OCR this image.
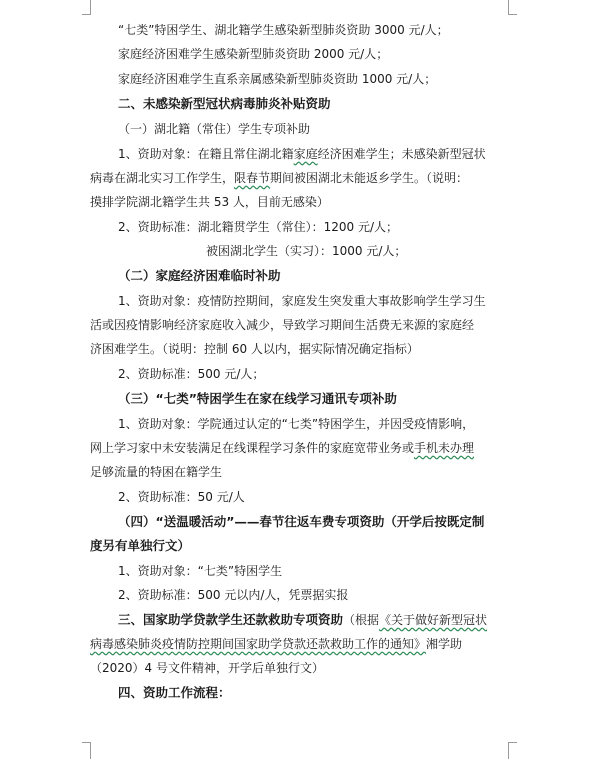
“七类”特困学生、湖北籍学生感染新型肺炎资助 3000 元/人；
家庭经济困难学生感染新型肺炎资助 2000 元/人；
家庭经济困难学生直系亲属感染新型肺炎资助 1000 元/人；
二、未感染新型冠状病毒肺炎补贴资助
（一）湖北籍（常住）学生专项补助
1、资助对象：在籍且常住湖北籍家庭经济困难学生；未感染新型冠状
病毒在湖北实习工作学生，限春节期间被困湖北未能返乡学生。（说明：
摸排学院湖北籍学生共 53 人，目前无感染）
2、资助标准：湖北籍贯学生（常住）：1200 元/人；
被困湖北学生（实习）：1000 元/人；
（二）家庭经济困难临时补助
1、资助对象：疫情防控期间，家庭发生突发重大事故影响学生学习生
活或因疫情影响经济家庭收入减少，导致学习期间生活费无来源的家庭经
济困难学生。（说明：控制 60 人以内，据实际情况确定指标）
2、资助标准：500 元/人；
（三）“七类”特困学生在家在线学习通讯专项补助
1、资助对象：学院通过认定的“七类”特困学生，并因受疫情影响，
网上学习家中未安装满足在线课程学习条件的家庭宽带业务或手机未办理
足够流量的特困在籍学生
2、资助标准：50 元/人
（四）“送温暖活动”——春节往返车费专项资助（开学后按既定制
度另有单独行文）
1、资助对象：“七类”特困学生
2、资助标准：500 元以内/人，凭票据实报
三、国家助学贷款学生还款救助专项资助（根据《关于做好新型冠状
病毒感染肺炎疫情防控期间国家助学贷款还款救助工作的通知》湘学助
（2020）4 号文件精神，开学后单独行文）
四、资助工作流程：
